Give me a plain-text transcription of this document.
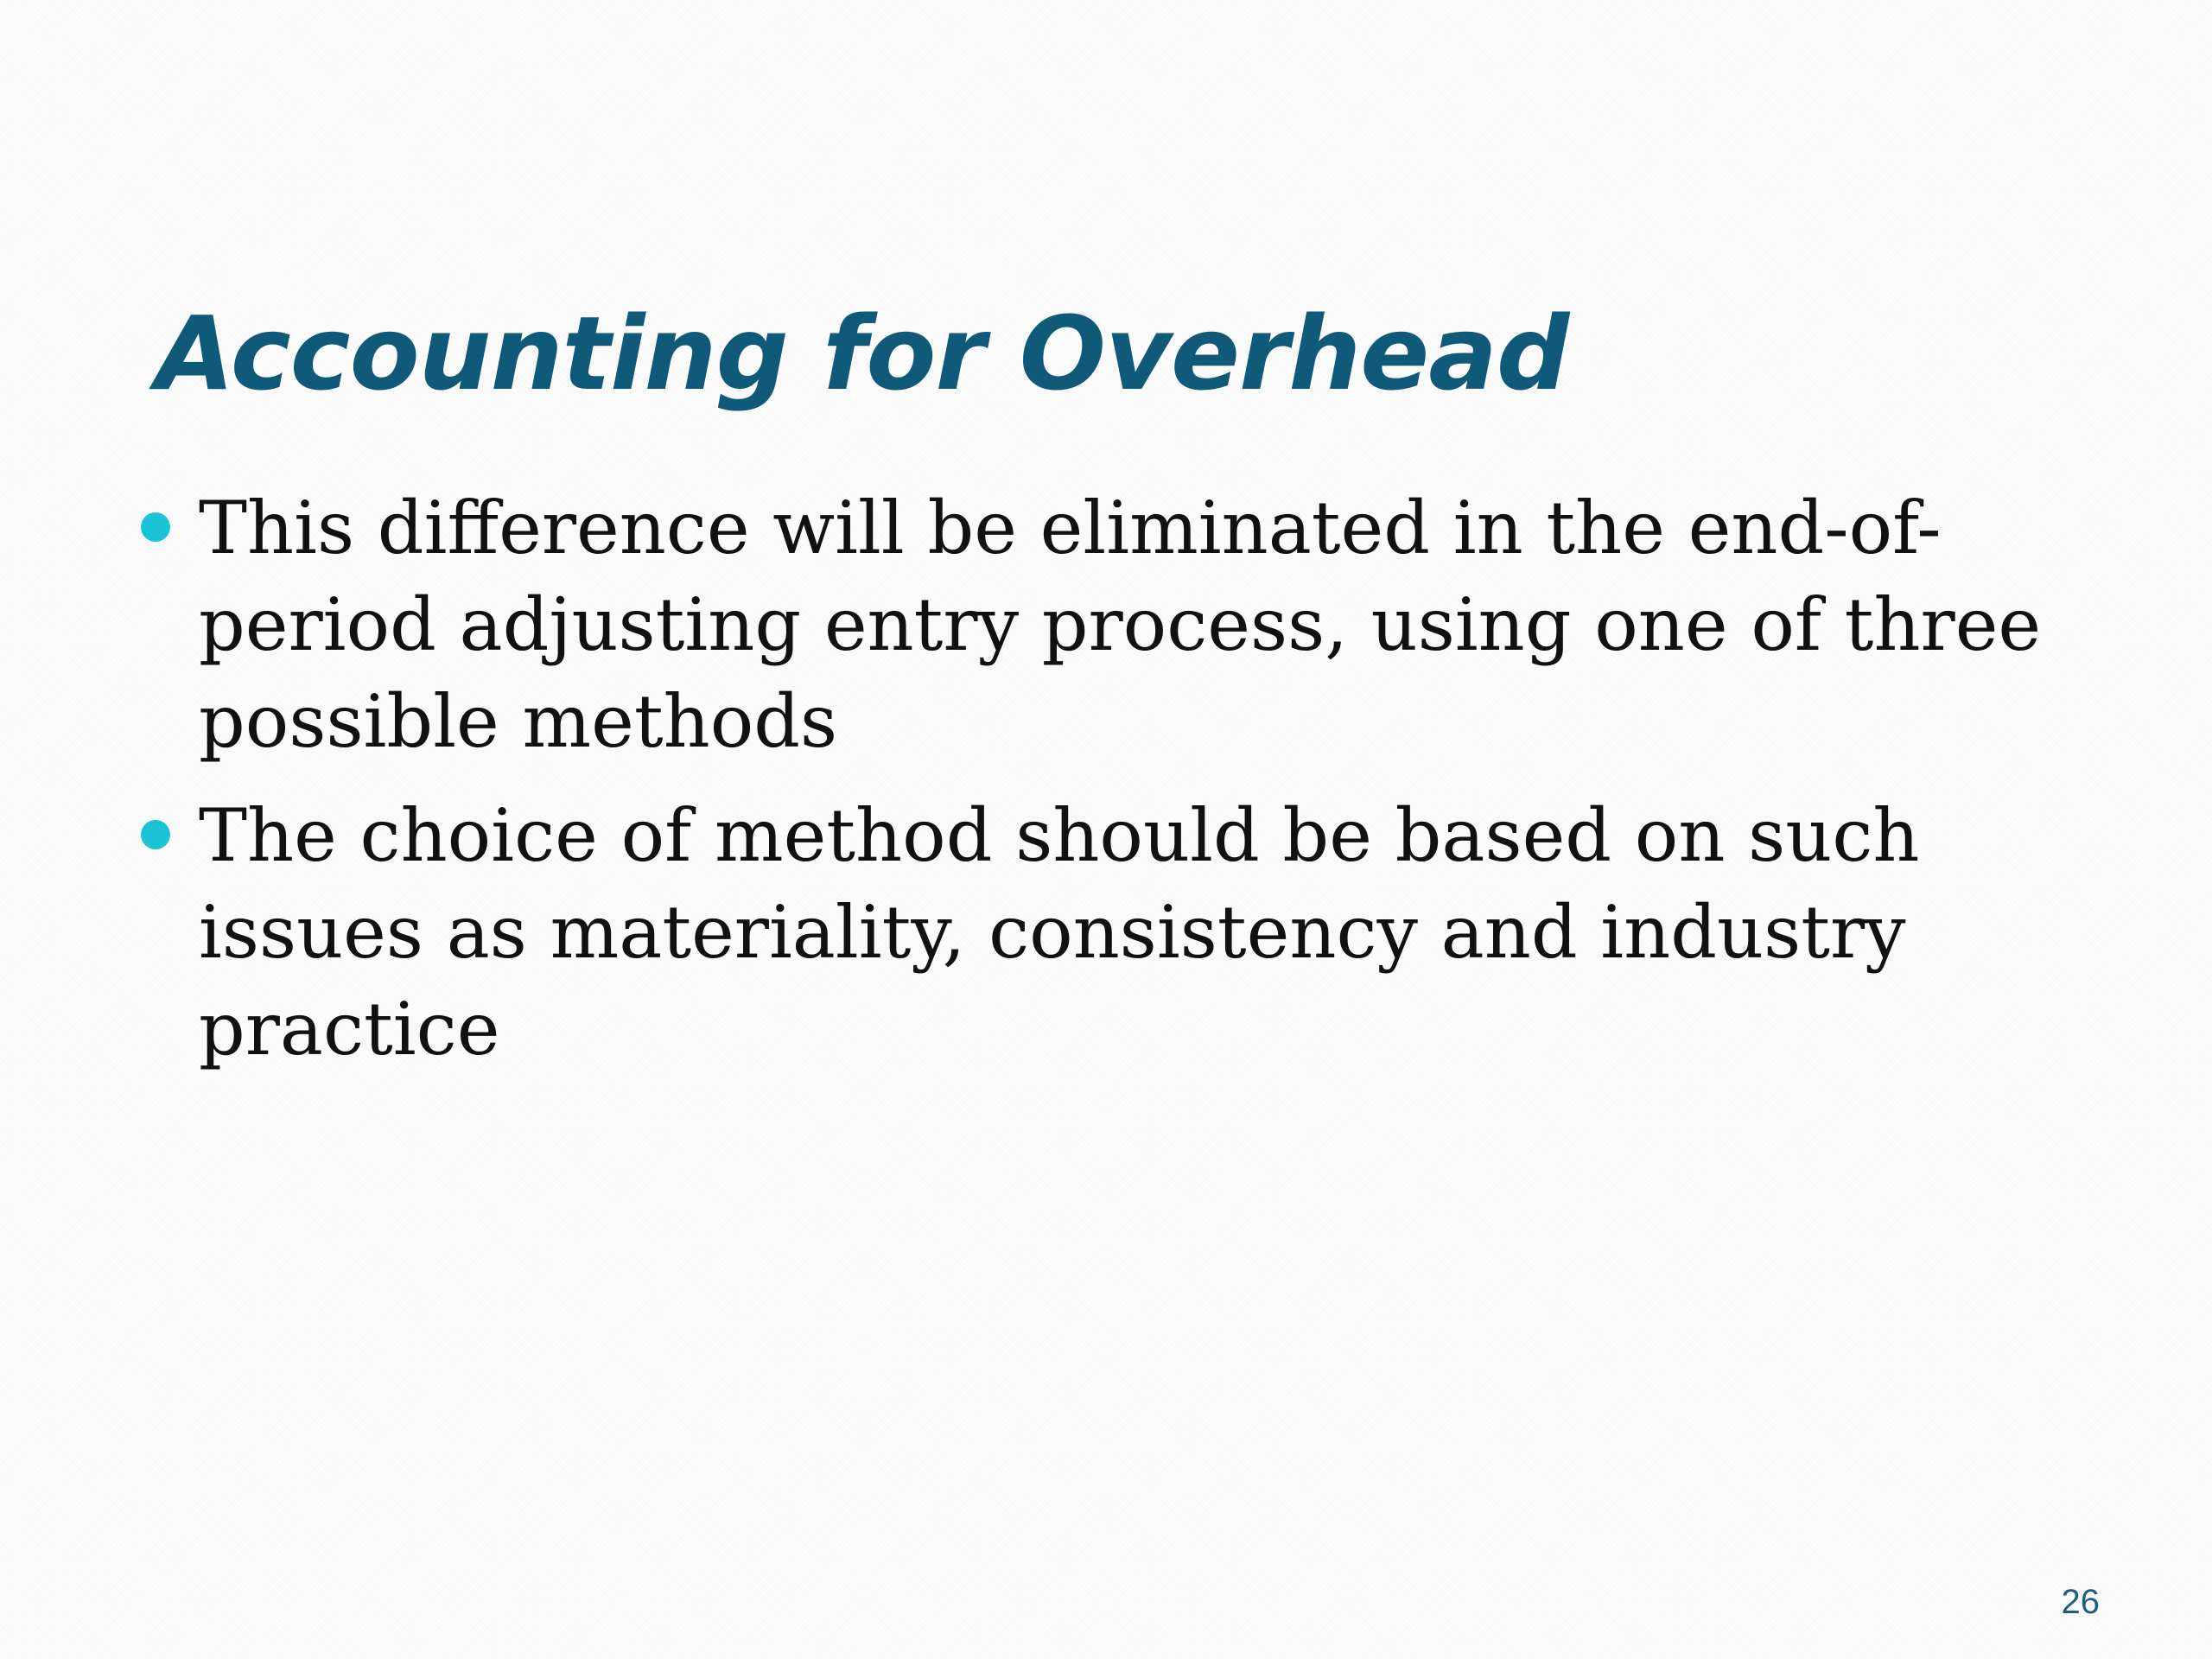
Accounting for Overhead
This difference will be eliminated in the end-of-period adjusting entry process, using one of three possible methods
The choice of method should be based on such issues as materiality, consistency and industry practice
26
